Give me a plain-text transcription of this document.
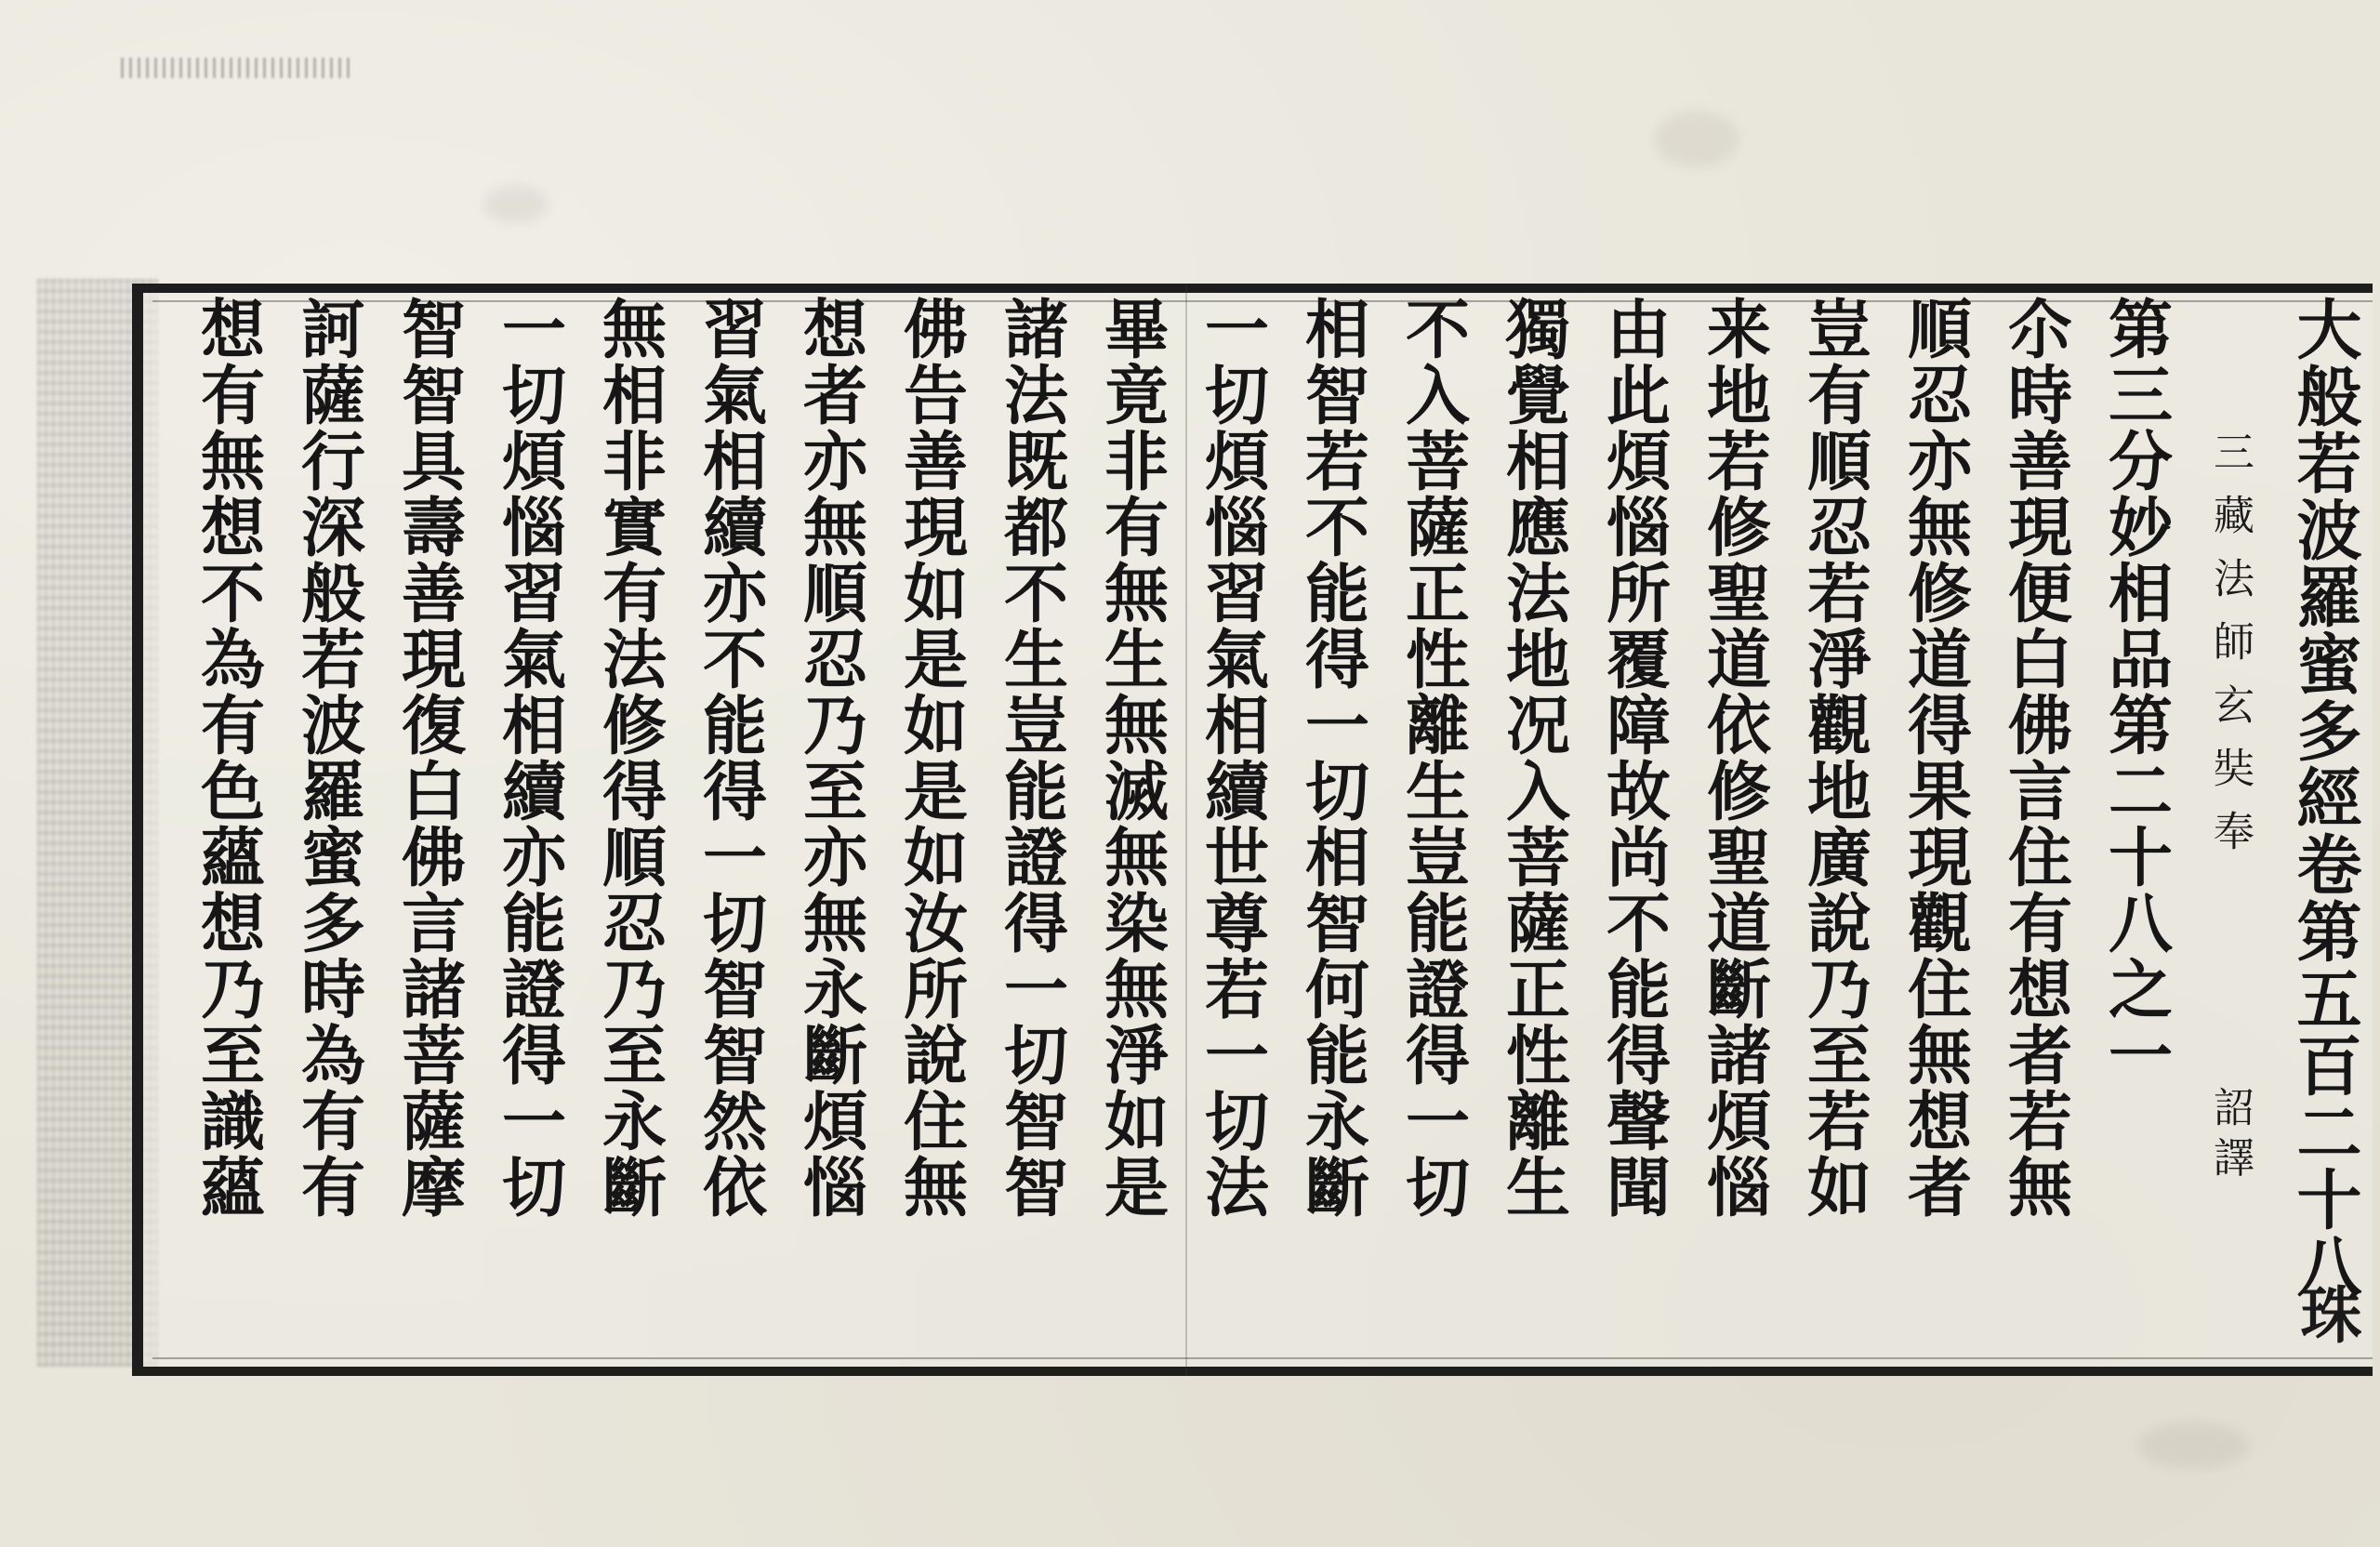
大般若波羅蜜多經卷第五百二十八
三藏法師玄奘奉
詔譯
第三分妙相品第二十八之一
尒時善現便白佛言住有想者若無
順忍亦無修道得果現觀住無想者
豈有順忍若淨觀地廣說乃至若如
来地若修聖道依修聖道斷諸煩惱
由此煩惱所覆障故尚不能得聲聞
獨覺相應法地况入菩薩正性離生
不入菩薩正性離生豈能證得一切
相智若不能得一切相智何能永斷
一切煩惱習氣相續世尊若一切法
畢竟非有無生無滅無染無淨如是
諸法既都不生豈能證得一切智智
佛告善現如是如是如汝所說住無
想者亦無順忍乃至亦無永斷煩惱
習氣相續亦不能得一切智智然依
無相非實有法修得順忍乃至永斷
一切煩惱習氣相續亦能證得一切
智智具壽善現復白佛言諸菩薩摩
訶薩行深般若波羅蜜多時為有有
想有無想不為有色蘊想乃至識蘊
珠
